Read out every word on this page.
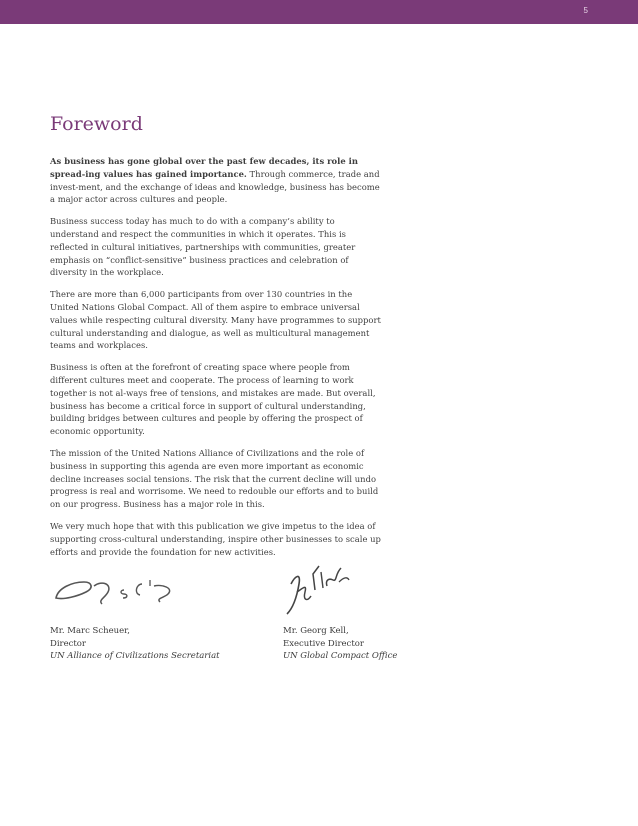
5
Foreword

As business has gone global over the past few decades, its role in spread-ing values has gained importance. Through commerce, trade and invest-ment, and the exchange of ideas and knowledge, business has become a major actor across cultures and people.

Business success today has much to do with a company’s ability to understand and respect the communities in which it operates. This is reflected in cultural initiatives, partnerships with communities, greater emphasis on “conflict-sensitive” business practices and celebration of diversity in the workplace.

There are more than 6,000 participants from over 130 countries in the United Nations Global Compact. All of them aspire to embrace universal values while respecting cultural diversity. Many have programmes to support cultural understanding and dialogue, as well as multicultural management teams and workplaces.

Business is often at the forefront of creating space where people from different cultures meet and cooperate. The process of learning to work together is not al-ways free of tensions, and mistakes are made. But overall, business has become a critical force in support of cultural understanding, building bridges between cultures and people by offering the prospect of economic opportunity.

The mission of the United Nations Alliance of Civilizations and the role of business in supporting this agenda are even more important as economic decline increases social tensions. The risk that the current decline will undo progress is real and worrisome. We need to redouble our efforts and to build on our progress. Business has a major role in this.

We very much hope that with this publication we give impetus to the idea of supporting cross-cultural understanding, inspire other businesses to scale up efforts and provide the foundation for new activities.

Mr. Marc Scheuer,
Director
UN Alliance of Civilizations Secretariat
Mr. Georg Kell,
Executive Director
UN Global Compact Office
